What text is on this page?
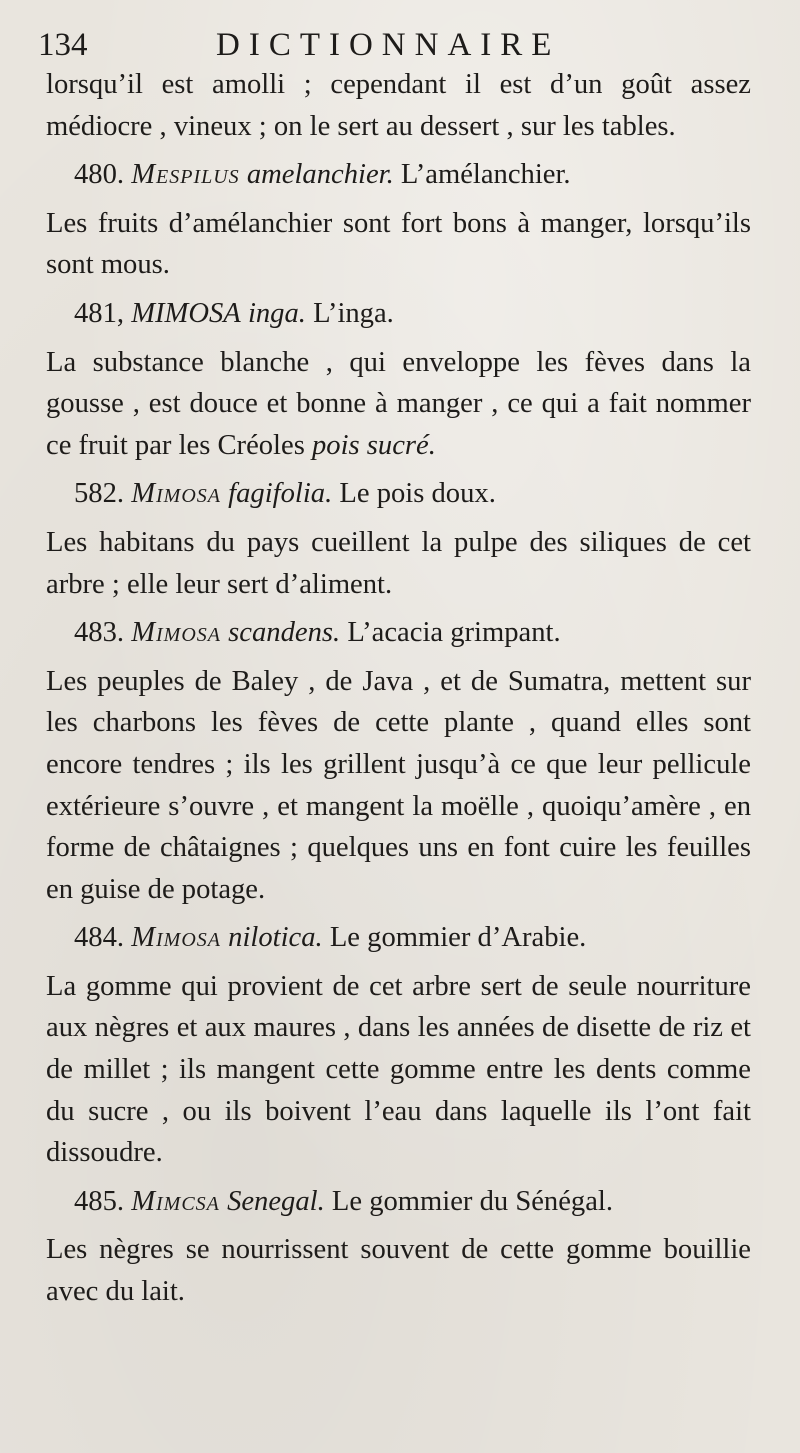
134	DICTIONNAIRE

lorsqu’il est amolli ; cependant il est d’un goût assez médiocre , vineux ; on le sert au dessert , sur les tables.

480. Mespilus amelanchier. L’amélanchier.

Les fruits d’amélanchier sont fort bons à manger, lorsqu’ils sont mous.

481, MIMOSA inga. L’inga.

La substance blanche , qui enveloppe les fèves dans la gousse , est douce et bonne à manger , ce qui a fait nommer ce fruit par les Créoles pois sucré.

582. Mimosa fagifolia. Le pois doux.

Les habitans du pays cueillent la pulpe des siliques de cet arbre ; elle leur sert d’aliment.

483. Mimosa scandens. L’acacia grimpant.

Les peuples de Baley , de Java , et de Sumatra, mettent sur les charbons les fèves de cette plante , quand elles sont encore tendres ; ils les grillent jusqu’à ce que leur pellicule extérieure s’ouvre , et mangent la moëlle , quoiqu’amère , en forme de châtaignes ; quelques uns en font cuire les feuilles en guise de potage.

484. Mimosa nilotica. Le gommier d’Arabie.

La gomme qui provient de cet arbre sert de seule nourriture aux nègres et aux maures , dans les années de disette de riz et de millet ; ils mangent cette gomme entre les dents comme du sucre , ou ils boivent l’eau dans laquelle ils l’ont fait dissoudre.

485. Mimcsa Senegal. Le gommier du Sénégal.

Les nègres se nourrissent souvent de cette gomme bouillie avec du lait.
